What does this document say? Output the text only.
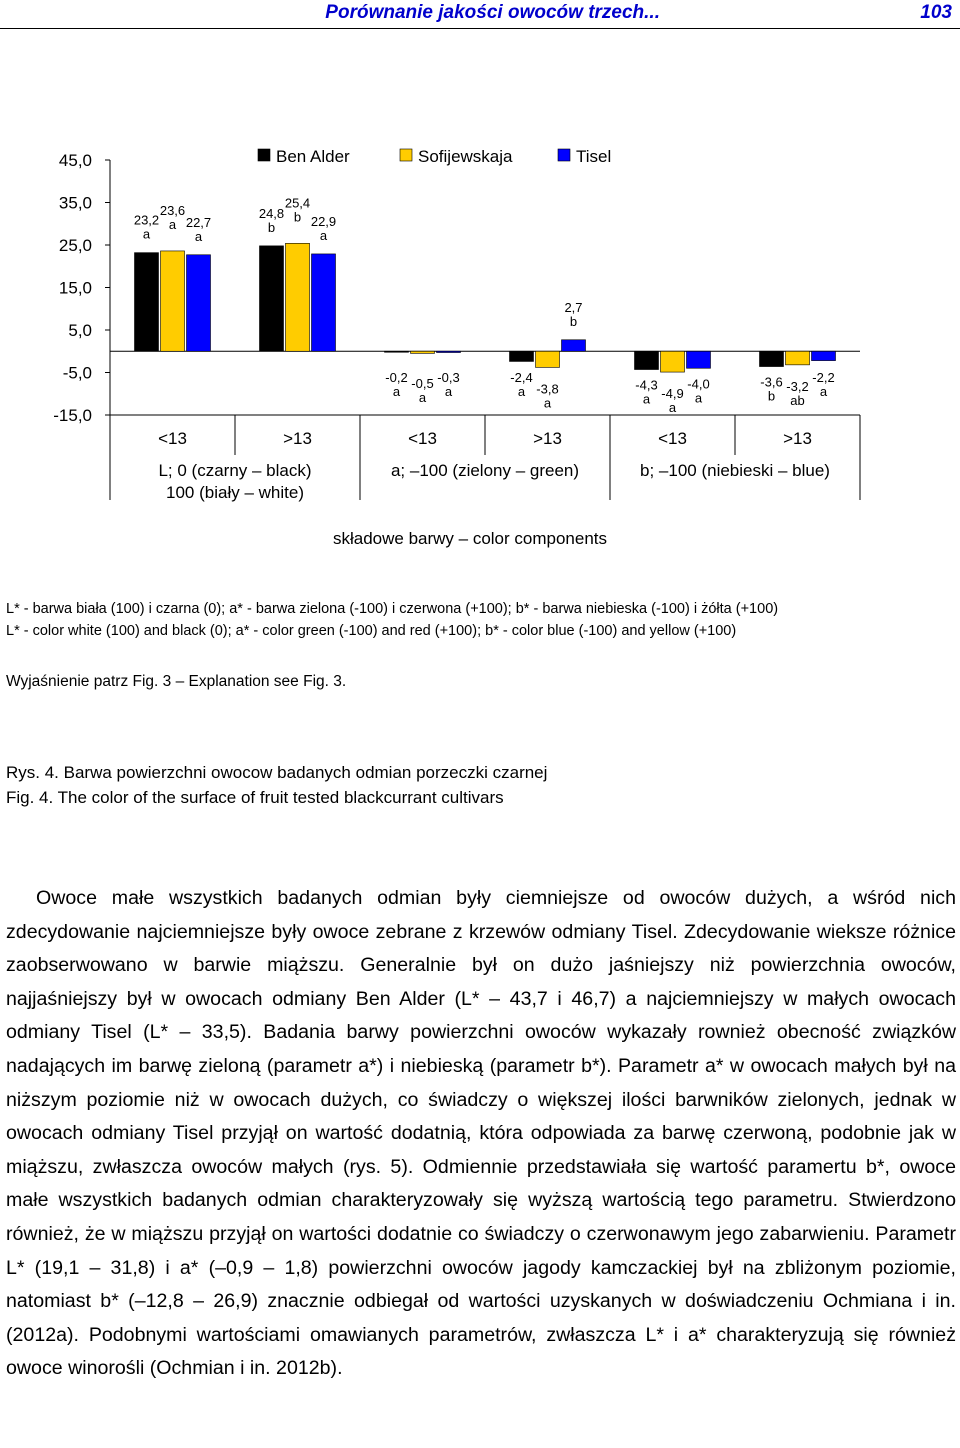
Porównanie jakości owoców trzech...	103
45,0
35,0
25,0
15,0
5,0
-5,0
-15,0
<13	>13	<13	>13	<13	>13
L; 0 (czarny – black)
100 (biały – white)
a; –100 (zielony – green)	b; –100 (niebieski – blue)
składowe barwy – color components
Ben Alder	Sofijewskaja	Tisel
23,2
a
23,6
a 22,7
a
24,8
b
25,4
b 22,9
a
-0,2
a
-0,5
a
-0,3
a
-2,4
a -3,8
a
2,7
b
-4,3
a -4,9
a
-4,0
a
-3,6
b
-3,2
ab
-2,2
a
L* - barwa biała (100) i czarna (0); a* - barwa zielona (-100) i czerwona (+100); b* - barwa niebieska (-100) i żółta (+100)
L* - color white (100) and black (0); a* - color green (-100) and red (+100); b* - color blue (-100) and yellow (+100)
Wyjaśnienie patrz Fig. 3 – Explanation see Fig. 3.
Rys. 4. Barwa powierzchni owocow badanych odmian porzeczki czarnej
Fig. 4. The color of the surface of fruit tested blackcurrant cultivars

Owoce małe wszystkich badanych odmian były ciemniejsze od owoców dużych, a wśród nich zdecydowanie najciemniejsze były owoce zebrane z krzewów odmiany Tisel. Zdecydowanie wieksze różnice zaobserwowano w barwie miąższu. Generalnie był on dużo jaśniejszy niż powierzchnia owoców, najjaśniejszy był w owocach odmiany Ben Alder (L* – 43,7 i 46,7) a najciemniejszy w małych owocach odmiany Tisel (L* – 33,5). Badania barwy powierzchni owoców wykazały rownież obecność związków nadających im barwę zieloną (parametr a*) i niebieską (parametr b*). Parametr a* w owocach małych był na niższym poziomie niż w owocach dużych, co świadczy o większej ilości barwników zielonych, jednak w owocach odmiany Tisel przyjął on wartość dodatnią, która odpowiada za barwę czerwoną, podobnie jak w miąższu, zwłaszcza owoców małych (rys. 5). Odmiennie przedstawiała się wartość paramertu b*, owoce małe wszystkich badanych odmian charakteryzowały się wyższą wartością tego parametru. Stwierdzono również, że w miąższu przyjął on wartości dodatnie co świadczy o czerwonawym jego zabarwieniu. Parametr L* (19,1 – 31,8) i a* (–0,9 – 1,8) powierzchni owoców jagody kamczackiej był na zbliżonym poziomie, natomiast b* (–12,8 – 26,9) znacznie odbiegał od wartości uzyskanych w doświadczeniu Ochmiana i in. (2012a). Podobnymi wartościami omawianych parametrów, zwłaszcza L* i a* charakteryzują się również owoce winorośli (Ochmian i in. 2012b).
